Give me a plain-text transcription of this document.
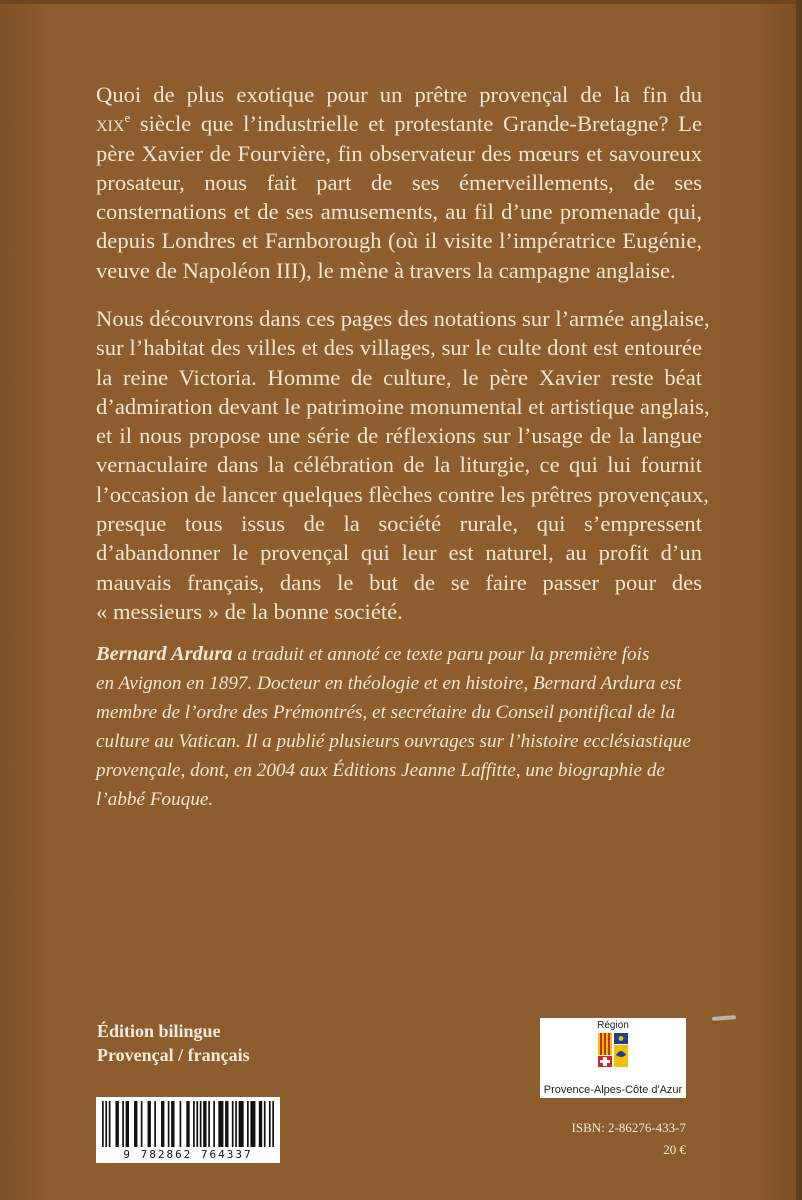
Quoi de plus exotique pour un prêtre provençal de la fin du
xix$^e$ siècle que l’industrielle et protestante Grande-Bretagne? Le
père Xavier de Fourvière, fin observateur des mœurs et savoureux
prosateur, nous fait part de ses émerveillements, de ses
consternations et de ses amusements, au fil d’une promenade qui,
depuis Londres et Farnborough (où il visite l’impératrice Eugénie,
veuve de Napoléon III), le mène à travers la campagne anglaise.

Nous découvrons dans ces pages des notations sur l’armée anglaise,
sur l’habitat des villes et des villages, sur le culte dont est entourée
la reine Victoria. Homme de culture, le père Xavier reste béat
d’admiration devant le patrimoine monumental et artistique anglais,
et il nous propose une série de réflexions sur l’usage de la langue
vernaculaire dans la célébration de la liturgie, ce qui lui fournit
l’occasion de lancer quelques flèches contre les prêtres provençaux,
presque tous issus de la société rurale, qui s’empressent
d’abandonner le provençal qui leur est naturel, au profit d’un
mauvais français, dans le but de se faire passer pour des
« messieurs » de la bonne société.

Bernard Ardura a traduit et annoté ce texte paru pour la première fois
en Avignon en 1897. Docteur en théologie et en histoire, Bernard Ardura est
membre de l’ordre des Prémontrés, et secrétaire du Conseil pontifical de la
culture au Vatican. Il a publié plusieurs ouvrages sur l’histoire ecclésiastique
provençale, dont, en 2004 aux Éditions Jeanne Laffitte, une biographie de
l’abbé Fouque.

Édition bilingue
Provençal / français

9 782862 764337
Région
Provence-Alpes-Côte d'Azur

ISBN: 2-86276-433-7
20 €
